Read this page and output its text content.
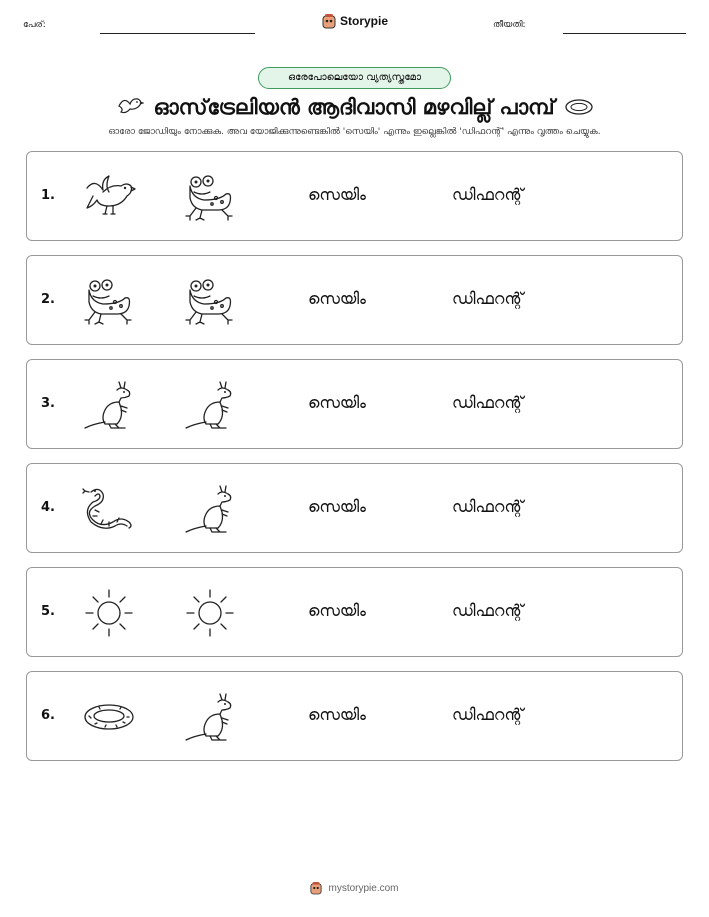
പേര്:	Storypie	തീയതി:
ഒരേപോലെയോ വ്യത്യസ്തമോ
ഓസ്‌ട്രേലിയൻ ആദിവാസി മഴവില്ല് പാമ്പ്
ഓരോ ജോഡിയും നോക്കുക. അവ യോജിക്കുന്നുണ്ടെങ്കിൽ 'സെയിം' എന്നും ഇല്ലെങ്കിൽ 'ഡിഫറന്റ്' എന്നും വൃത്തം ചെയ്യുക.
1.	സെയിം	ഡിഫറന്റ്
2.	സെയിം	ഡിഫറന്റ്
3.	സെയിം	ഡിഫറന്റ്
4.	സെയിം	ഡിഫറന്റ്
5.	സെയിം	ഡിഫറന്റ്
6.	സെയിം	ഡിഫറന്റ്
mystorypie.com
